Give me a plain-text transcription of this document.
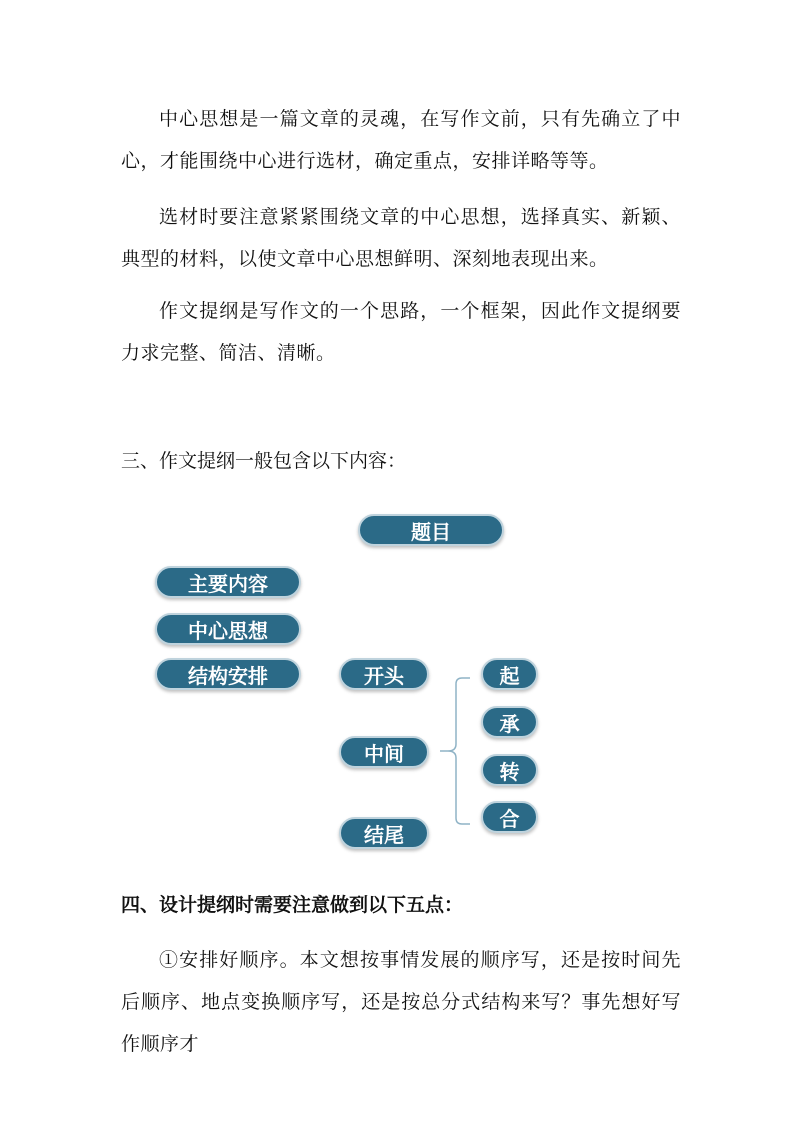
中心思想是一篇文章的灵魂，在写作文前，只有先确立了中心，才能围绕中心进行选材，确定重点，安排详略等等。

选材时要注意紧紧围绕文章的中心思想，选择真实、新颖、典型的材料，以使文章中心思想鲜明、深刻地表现出来。

作文提纲是写作文的一个思路，一个框架，因此作文提纲要力求完整、简洁、清晰。

三、作文提纲一般包含以下内容：
题目
主要内容
中心思想
结构安排	开头
中间
结尾
起
承
转
合
四、设计提纲时需要注意做到以下五点：

①安排好顺序。本文想按事情发展的顺序写，还是按时间先后顺序、地点变换顺序写，还是按总分式结构来写？事先想好写作顺序才
